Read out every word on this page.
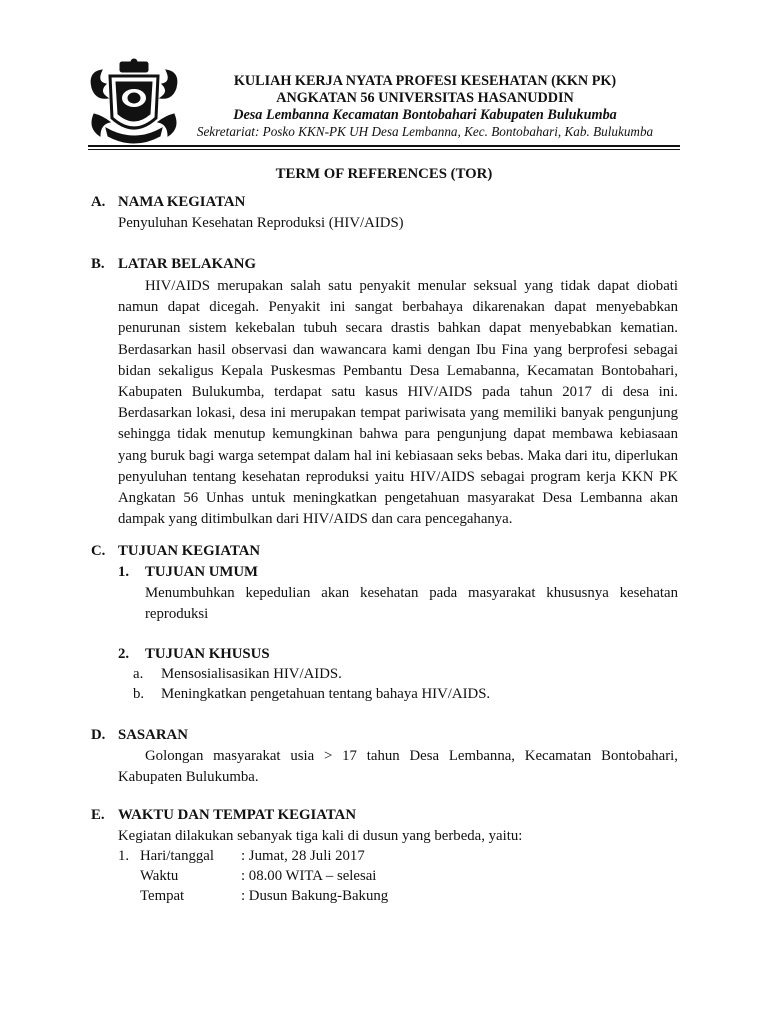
KULIAH KERJA NYATA PROFESI KESEHATAN (KKN PK)
ANGKATAN 56 UNIVERSITAS HASANUDDIN
Desa Lembanna Kecamatan Bontobahari Kabupaten Bulukumba
Sekretariat: Posko KKN-PK UH Desa Lembanna, Kec. Bontobahari, Kab. Bulukumba
TERM OF REFERENCES (TOR)
A. NAMA KEGIATAN
Penyuluhan Kesehatan Reproduksi (HIV/AIDS)
B. LATAR BELAKANG

HIV/AIDS merupakan salah satu penyakit menular seksual yang tidak dapat diobati namun dapat dicegah. Penyakit ini sangat berbahaya dikarenakan dapat menyebabkan penurunan sistem kekebalan tubuh secara drastis bahkan dapat menyebabkan kematian. Berdasarkan hasil observasi dan wawancara kami dengan Ibu Fina yang berprofesi sebagai bidan sekaligus Kepala Puskesmas Pembantu Desa Lemabanna, Kecamatan Bontobahari, Kabupaten Bulukumba, terdapat satu kasus HIV/AIDS pada tahun 2017 di desa ini. Berdasarkan lokasi, desa ini merupakan tempat pariwisata yang memiliki banyak pengunjung sehingga tidak menutup kemungkinan bahwa para pengunjung dapat membawa kebiasaan yang buruk bagi warga setempat dalam hal ini kebiasaan seks bebas. Maka dari itu, diperlukan penyuluhan tentang kesehatan reproduksi yaitu HIV/AIDS sebagai program kerja KKN PK Angkatan 56 Unhas untuk meningkatkan pengetahuan masyarakat Desa Lembanna akan dampak yang ditimbulkan dari HIV/AIDS dan cara pencegahanya.

C. TUJUAN KEGIATAN
1. TUJUAN UMUM

Menumbuhkan kepedulian akan kesehatan pada masyarakat khususnya kesehatan reproduksi

2. TUJUAN KHUSUS
a. Mensosialisasikan HIV/AIDS.
b. Meningkatkan pengetahuan tentang bahaya HIV/AIDS.
D. SASARAN

Golongan masyarakat usia > 17 tahun Desa Lembanna, Kecamatan Bontobahari, Kabupaten Bulukumba.

E. WAKTU DAN TEMPAT KEGIATAN
Kegiatan dilakukan sebanyak tiga kali di dusun yang berbeda, yaitu:
1. Hari/tanggal : Jumat, 28 Juli 2017
Waktu	: 08.00 WITA – selesai
Tempat	: Dusun Bakung-Bakung
